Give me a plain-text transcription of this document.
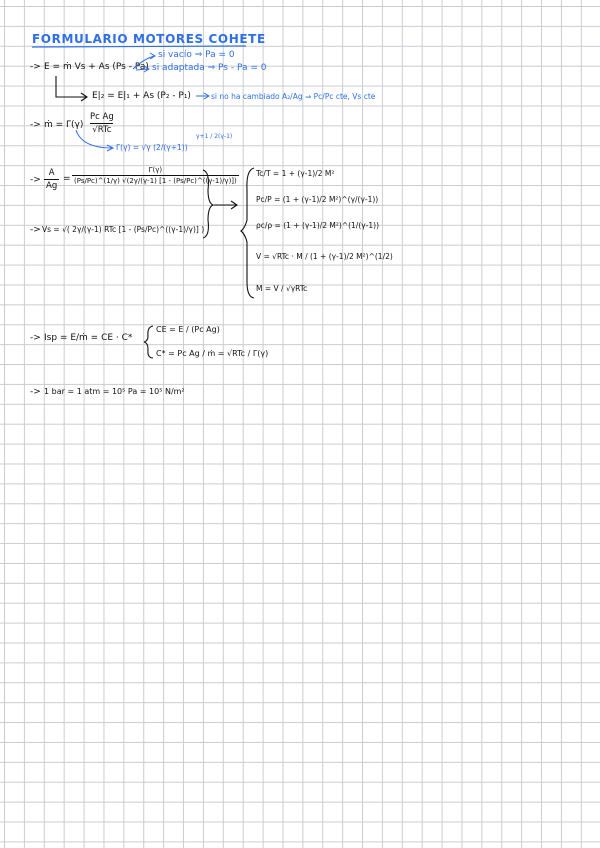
FORMULARIO MOTORES COHETE
-> E = ṁ Vs + As (Ps - Pa)
si vacío ⇒ Pa = 0
si adaptada ⇒ Ps - Pa = 0
E|₂ = E|₁ + As (P₂ - P₁)	si no ha cambiado A₂/Ag ⇒ Pc/Pc cte, Vs cte
-> ṁ = Γ(γ)
Pc Ag
√RTc
Γ(γ) = √γ (2/(γ+1))
γ+1 / 2(γ-1)
-> $\frac{A}{Ag} = \frac{\Gamma(\gamma)}{(Ps/Pc)\^{}(1/\gamma) √(2\gamma/(\gamma-1) [1 - (Ps/Pc)\^{}((\gamma-1)/\gamma)])}$
-> Vs = √( 2γ/(γ-1) RTc [1 - (Ps/Pc)^((γ-1)/γ)] )
Tc/T = 1 + (γ-1)/2 M²
Pc/P = (1 + (γ-1)/2 M²)^(γ/(γ-1))
ρc/ρ = (1 + (γ-1)/2 M²)^(1/(γ-1))
V = √RTc · M / (1 + (γ-1)/2 M²)^(1/2)
M = V / √γRTc
-> Isp = E/ṁ = CE · C*
CE = E / (Pc Ag)
C* = Pc Ag / ṁ = √RTc / Γ(γ)
-> 1 bar = 1 atm = 10⁵ Pa = 10⁵ N/m²
